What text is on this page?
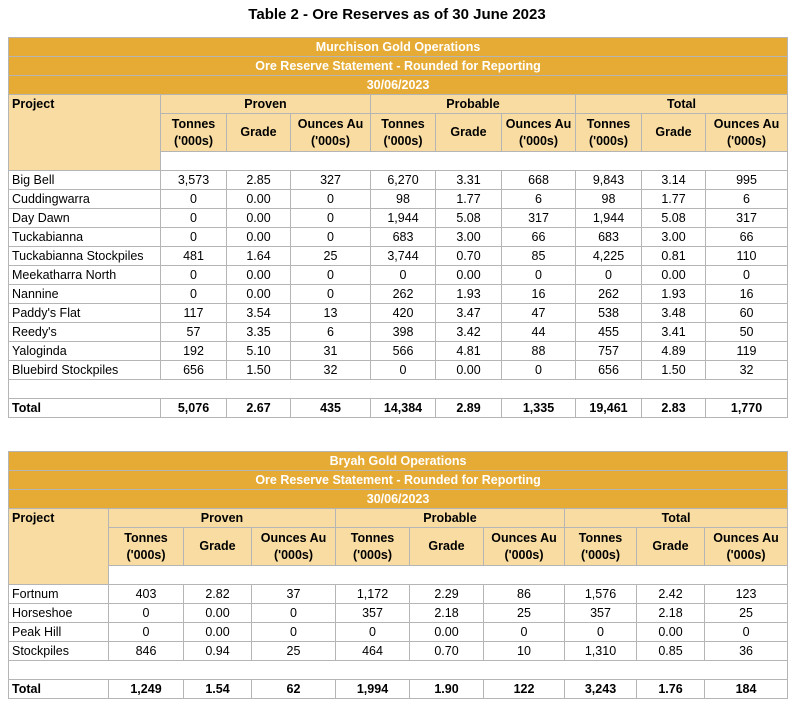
Table 2 - Ore Reserves as of 30 June 2023
Murchison Gold Operations									
Ore Reserve Statement - Rounded for Reporting									
30/06/2023									
Project	Proven			Probable			Total		
	Tonnes ('000s)	Grade	Ounces Au ('000s)	Tonnes ('000s)	Grade	Ounces Au ('000s)	Tonnes ('000s)	Grade	Ounces Au ('000s)

Big Bell	3,573	2.85	327	6,270	3.31	668	9,843	3.14	995
Cuddingwarra	0	0.00	0	98	1.77	6	98	1.77	6
Day Dawn	0	0.00	0	1,944	5.08	317	1,944	5.08	317
Tuckabianna	0	0.00	0	683	3.00	66	683	3.00	66
Tuckabianna Stockpiles	481	1.64	25	3,744	0.70	85	4,225	0.81	110
Meekatharra North	0	0.00	0	0	0.00	0	0	0.00	0
Nannine	0	0.00	0	262	1.93	16	262	1.93	16
Paddy's Flat	117	3.54	13	420	3.47	47	538	3.48	60
Reedy's	57	3.35	6	398	3.42	44	455	3.41	50
Yaloginda	192	5.10	31	566	4.81	88	757	4.89	119
Bluebird Stockpiles	656	1.50	32	0	0.00	0	656	1.50	32

Total	5,076	2.67	435	14,384	2.89	1,335	19,461	2.83	1,770
Bryah Gold Operations									
Ore Reserve Statement - Rounded for Reporting									
30/06/2023									
Project	Proven			Probable			Total		
	Tonnes ('000s)	Grade	Ounces Au ('000s)	Tonnes ('000s)	Grade	Ounces Au ('000s)	Tonnes ('000s)	Grade	Ounces Au ('000s)

Fortnum	403	2.82	37	1,172	2.29	86	1,576	2.42	123
Horseshoe	0	0.00	0	357	2.18	25	357	2.18	25
Peak Hill	0	0.00	0	0	0.00	0	0	0.00	0
Stockpiles	846	0.94	25	464	0.70	10	1,310	0.85	36

Total	1,249	1.54	62	1,994	1.90	122	3,243	1.76	184
